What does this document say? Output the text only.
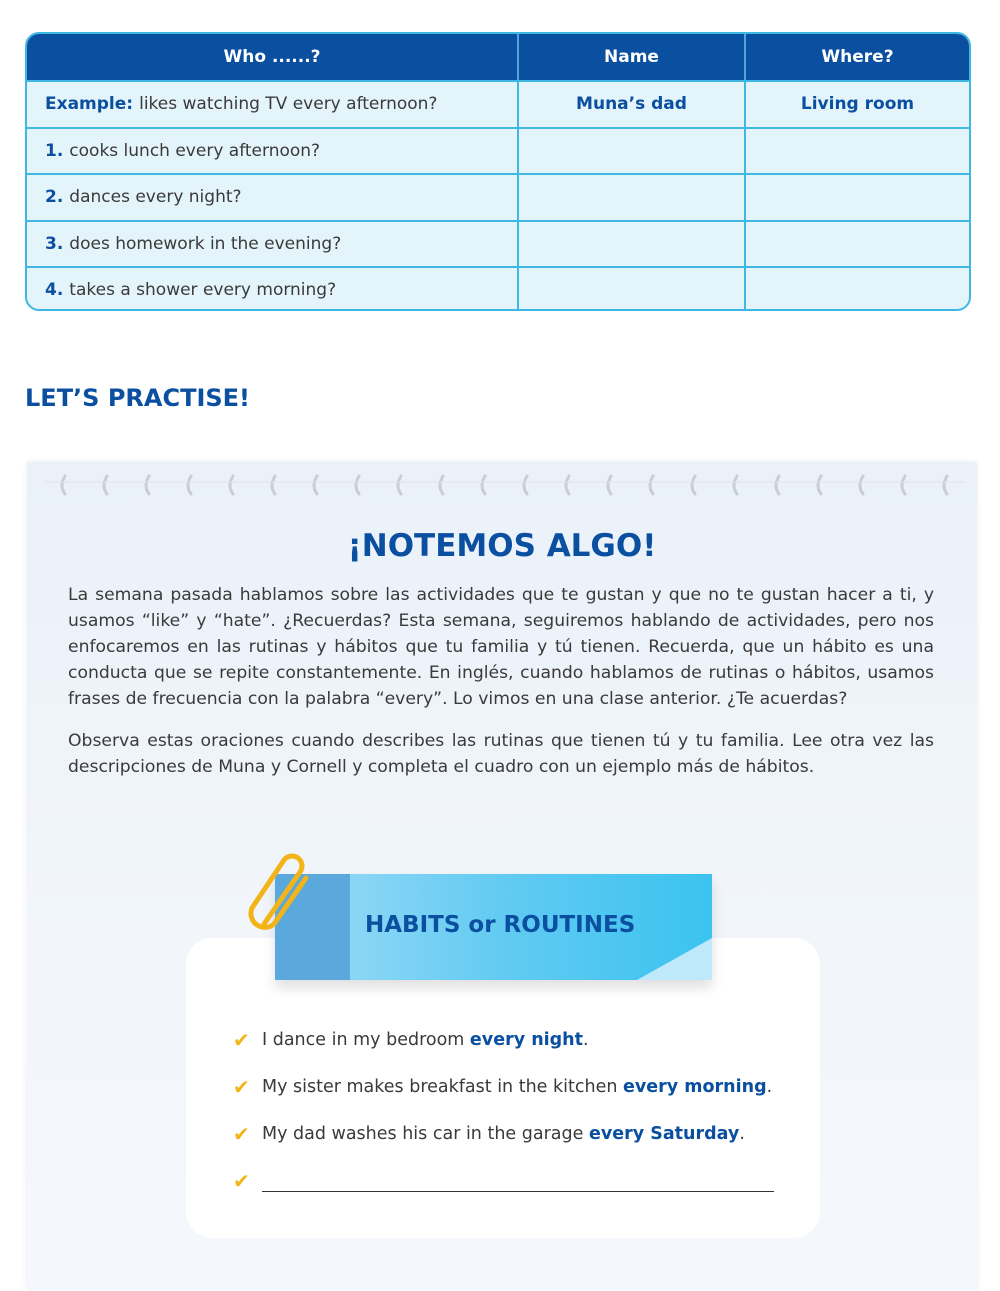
Who ......?	Name	Where?
Example: likes watching TV every afternoon?	Muna’s dad	Living room
1. cooks lunch every afternoon?
2. dances every night?
3. does homework in the evening?
4. takes a shower every morning?
LET’S PRACTISE!
¡NOTEMOS ALGO!

La semana pasada hablamos sobre las actividades que te gustan y que no te gustan hacer a ti, y usamos “like” y “hate”. ¿Recuerdas? Esta semana, seguiremos hablando de actividades, pero nos enfocaremos en las rutinas y hábitos que tu familia y tú tienen. Recuerda, que un hábito es una conducta que se repite constantemente. En inglés, cuando hablamos de rutinas o hábitos, usamos frases de frecuencia con la palabra “every”. Lo vimos en una clase anterior. ¿Te acuerdas?

Observa estas oraciones cuando describes las rutinas que tienen tú y tu familia. Lee otra vez las descripciones de Muna y Cornell y completa el cuadro con un ejemplo más de hábitos.

HABITS or ROUTINES
✔ I dance in my bedroom
every night .
✔ My sister makes breakfast in the kitchen
every morning .
✔ My dad washes his car in the garage
every Saturday .
✔
